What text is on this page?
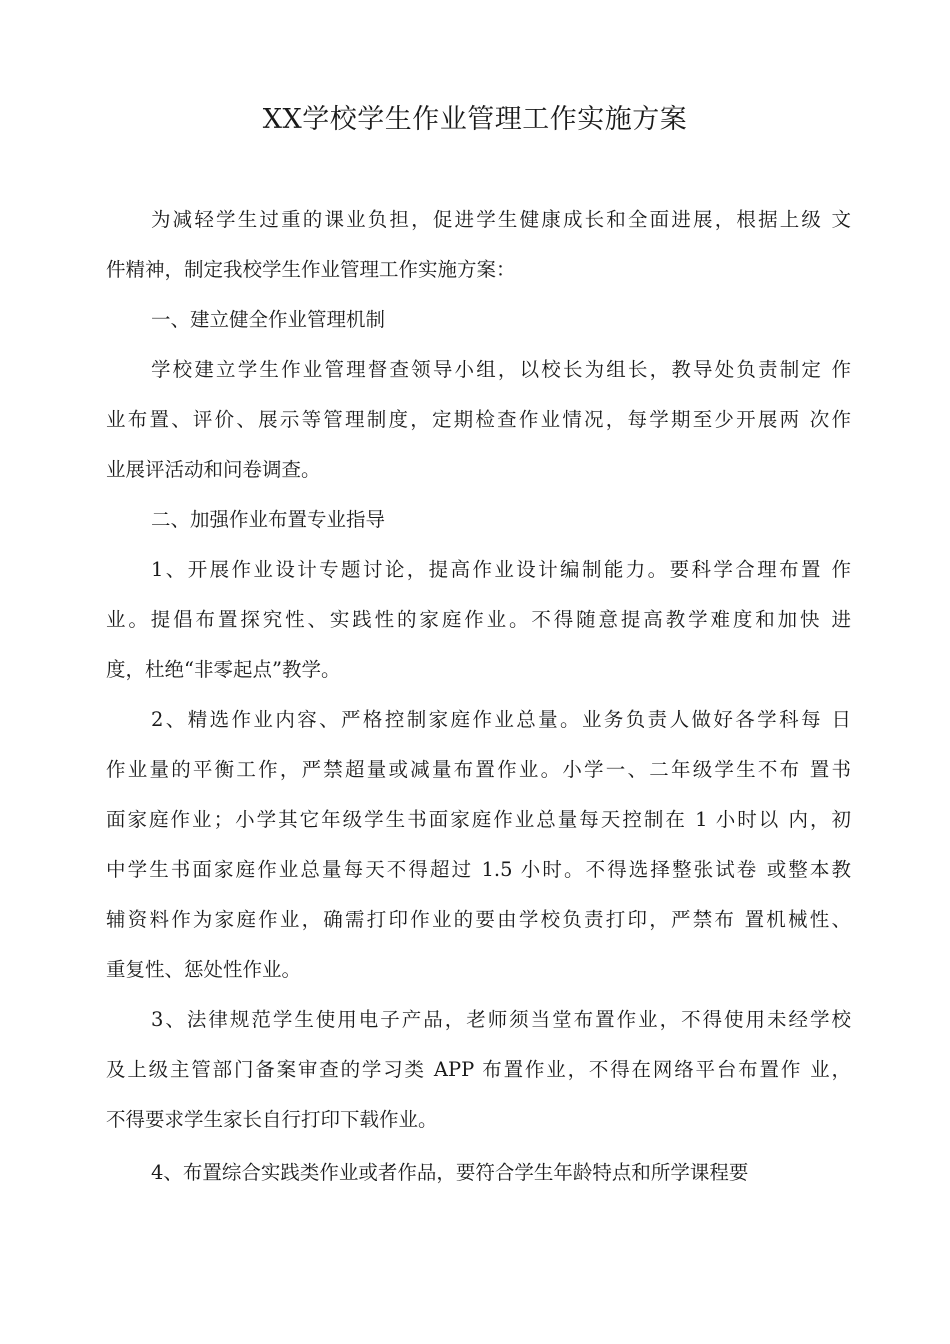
XX学校学生作业管理工作实施方案
为减轻学生过重的课业负担，促进学生健康成长和全面进展，根据上级 文
件精神，制定我校学生作业管理工作实施方案：
一、建立健全作业管理机制
学校建立学生作业管理督查领导小组，以校长为组长，教导处负责制定 作
业布置、评价、展示等管理制度，定期检查作业情况，每学期至少开展两 次作
业展评活动和问卷调查。
二、加强作业布置专业指导
1、开展作业设计专题讨论，提高作业设计编制能力。要科学合理布置 作
业。提倡布置探究性、实践性的家庭作业。不得随意提高教学难度和加快 进
度，杜绝“非零起点”教学。
2、精选作业内容、严格控制家庭作业总量。业务负责人做好各学科每 日
作业量的平衡工作，严禁超量或减量布置作业。小学一、二年级学生不布 置书
面家庭作业；小学其它年级学生书面家庭作业总量每天控制在 1 小时以 内，初
中学生书面家庭作业总量每天不得超过 1.5 小时。不得选择整张试卷 或整本教
辅资料作为家庭作业，确需打印作业的要由学校负责打印，严禁布 置机械性、
重复性、惩处性作业。
3、法律规范学生使用电子产品，老师须当堂布置作业，不得使用未经学校
及上级主管部门备案审查的学习类 APP 布置作业，不得在网络平台布置作 业，
不得要求学生家长自行打印下载作业。
4、布置综合实践类作业或者作品，要符合学生年龄特点和所学课程要
